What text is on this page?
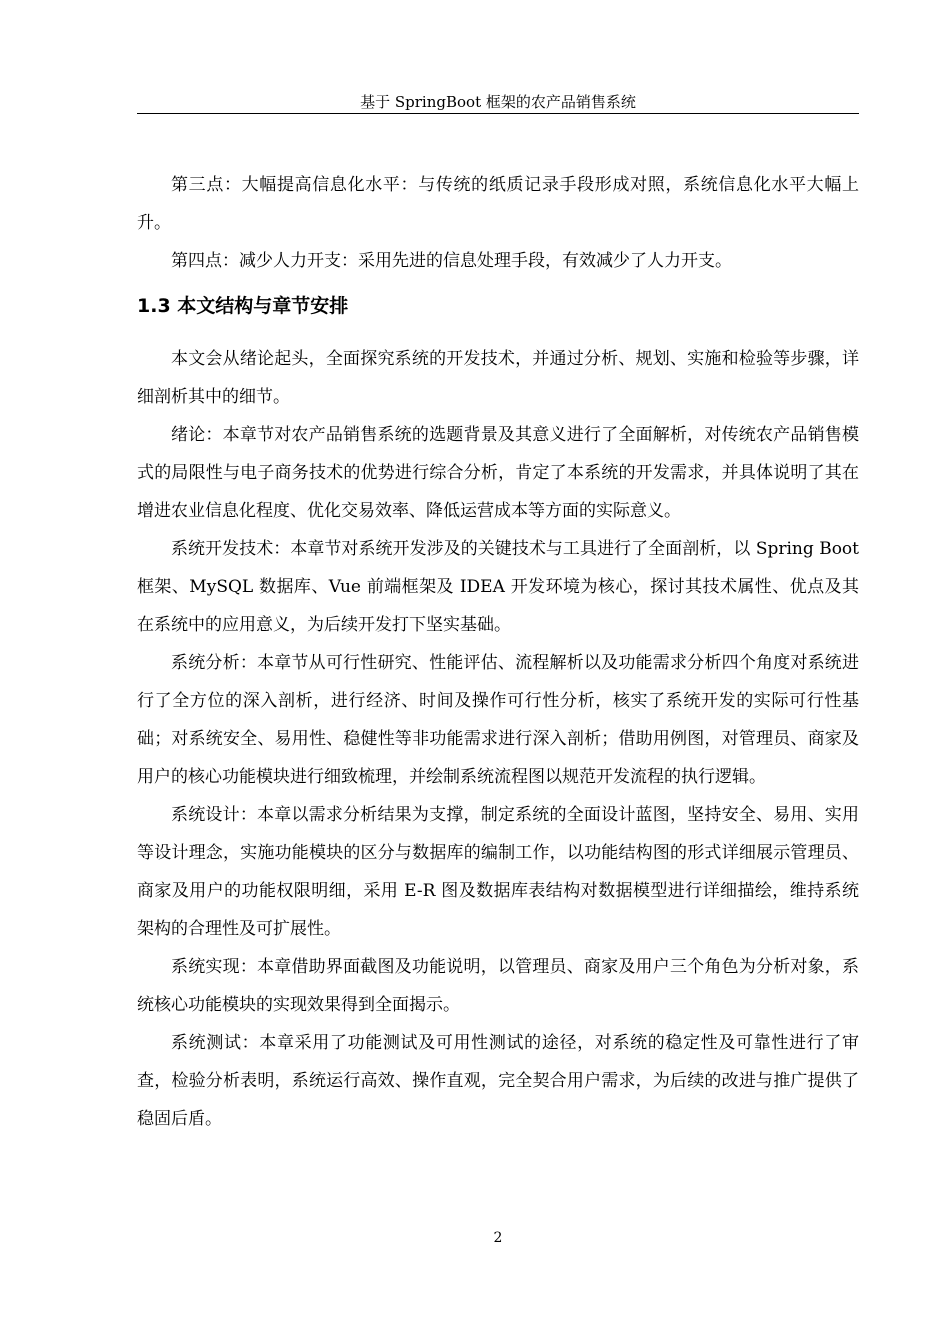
基于 SpringBoot 框架的农产品销售系统

第三点：大幅提高信息化水平：与传统的纸质记录手段形成对照，系统信息化水平大幅上升。

第四点：减少人力开支：采用先进的信息处理手段，有效减少了人力开支。

1.3 本文结构与章节安排

本文会从绪论起头，全面探究系统的开发技术，并通过分析、规划、实施和检验等步骤，详细剖析其中的细节。

绪论：本章节对农产品销售系统的选题背景及其意义进行了全面解析，对传统农产品销售模式的局限性与电子商务技术的优势进行综合分析，肯定了本系统的开发需求，并具体说明了其在增进农业信息化程度、优化交易效率、降低运营成本等方面的实际意义。

系统开发技术：本章节对系统开发涉及的关键技术与工具进行了全面剖析，以 Spring Boot 框架、MySQL 数据库、Vue 前端框架及 IDEA 开发环境为核心，探讨其技术属性、优点及其在系统中的应用意义，为后续开发打下坚实基础。

系统分析：本章节从可行性研究、性能评估、流程解析以及功能需求分析四个角度对系统进行了全方位的深入剖析，进行经济、时间及操作可行性分析，核实了系统开发的实际可行性基础；对系统安全、易用性、稳健性等非功能需求进行深入剖析；借助用例图，对管理员、商家及用户的核心功能模块进行细致梳理，并绘制系统流程图以规范开发流程的执行逻辑。

系统设计：本章以需求分析结果为支撑，制定系统的全面设计蓝图，坚持安全、易用、实用等设计理念，实施功能模块的区分与数据库的编制工作，以功能结构图的形式详细展示管理员、商家及用户的功能权限明细，采用 E-R 图及数据库表结构对数据模型进行详细描绘，维持系统架构的合理性及可扩展性。

系统实现：本章借助界面截图及功能说明，以管理员、商家及用户三个角色为分析对象，系统核心功能模块的实现效果得到全面揭示。

系统测试：本章采用了功能测试及可用性测试的途径，对系统的稳定性及可靠性进行了审查，检验分析表明，系统运行高效、操作直观，完全契合用户需求，为后续的改进与推广提供了稳固后盾。

2
